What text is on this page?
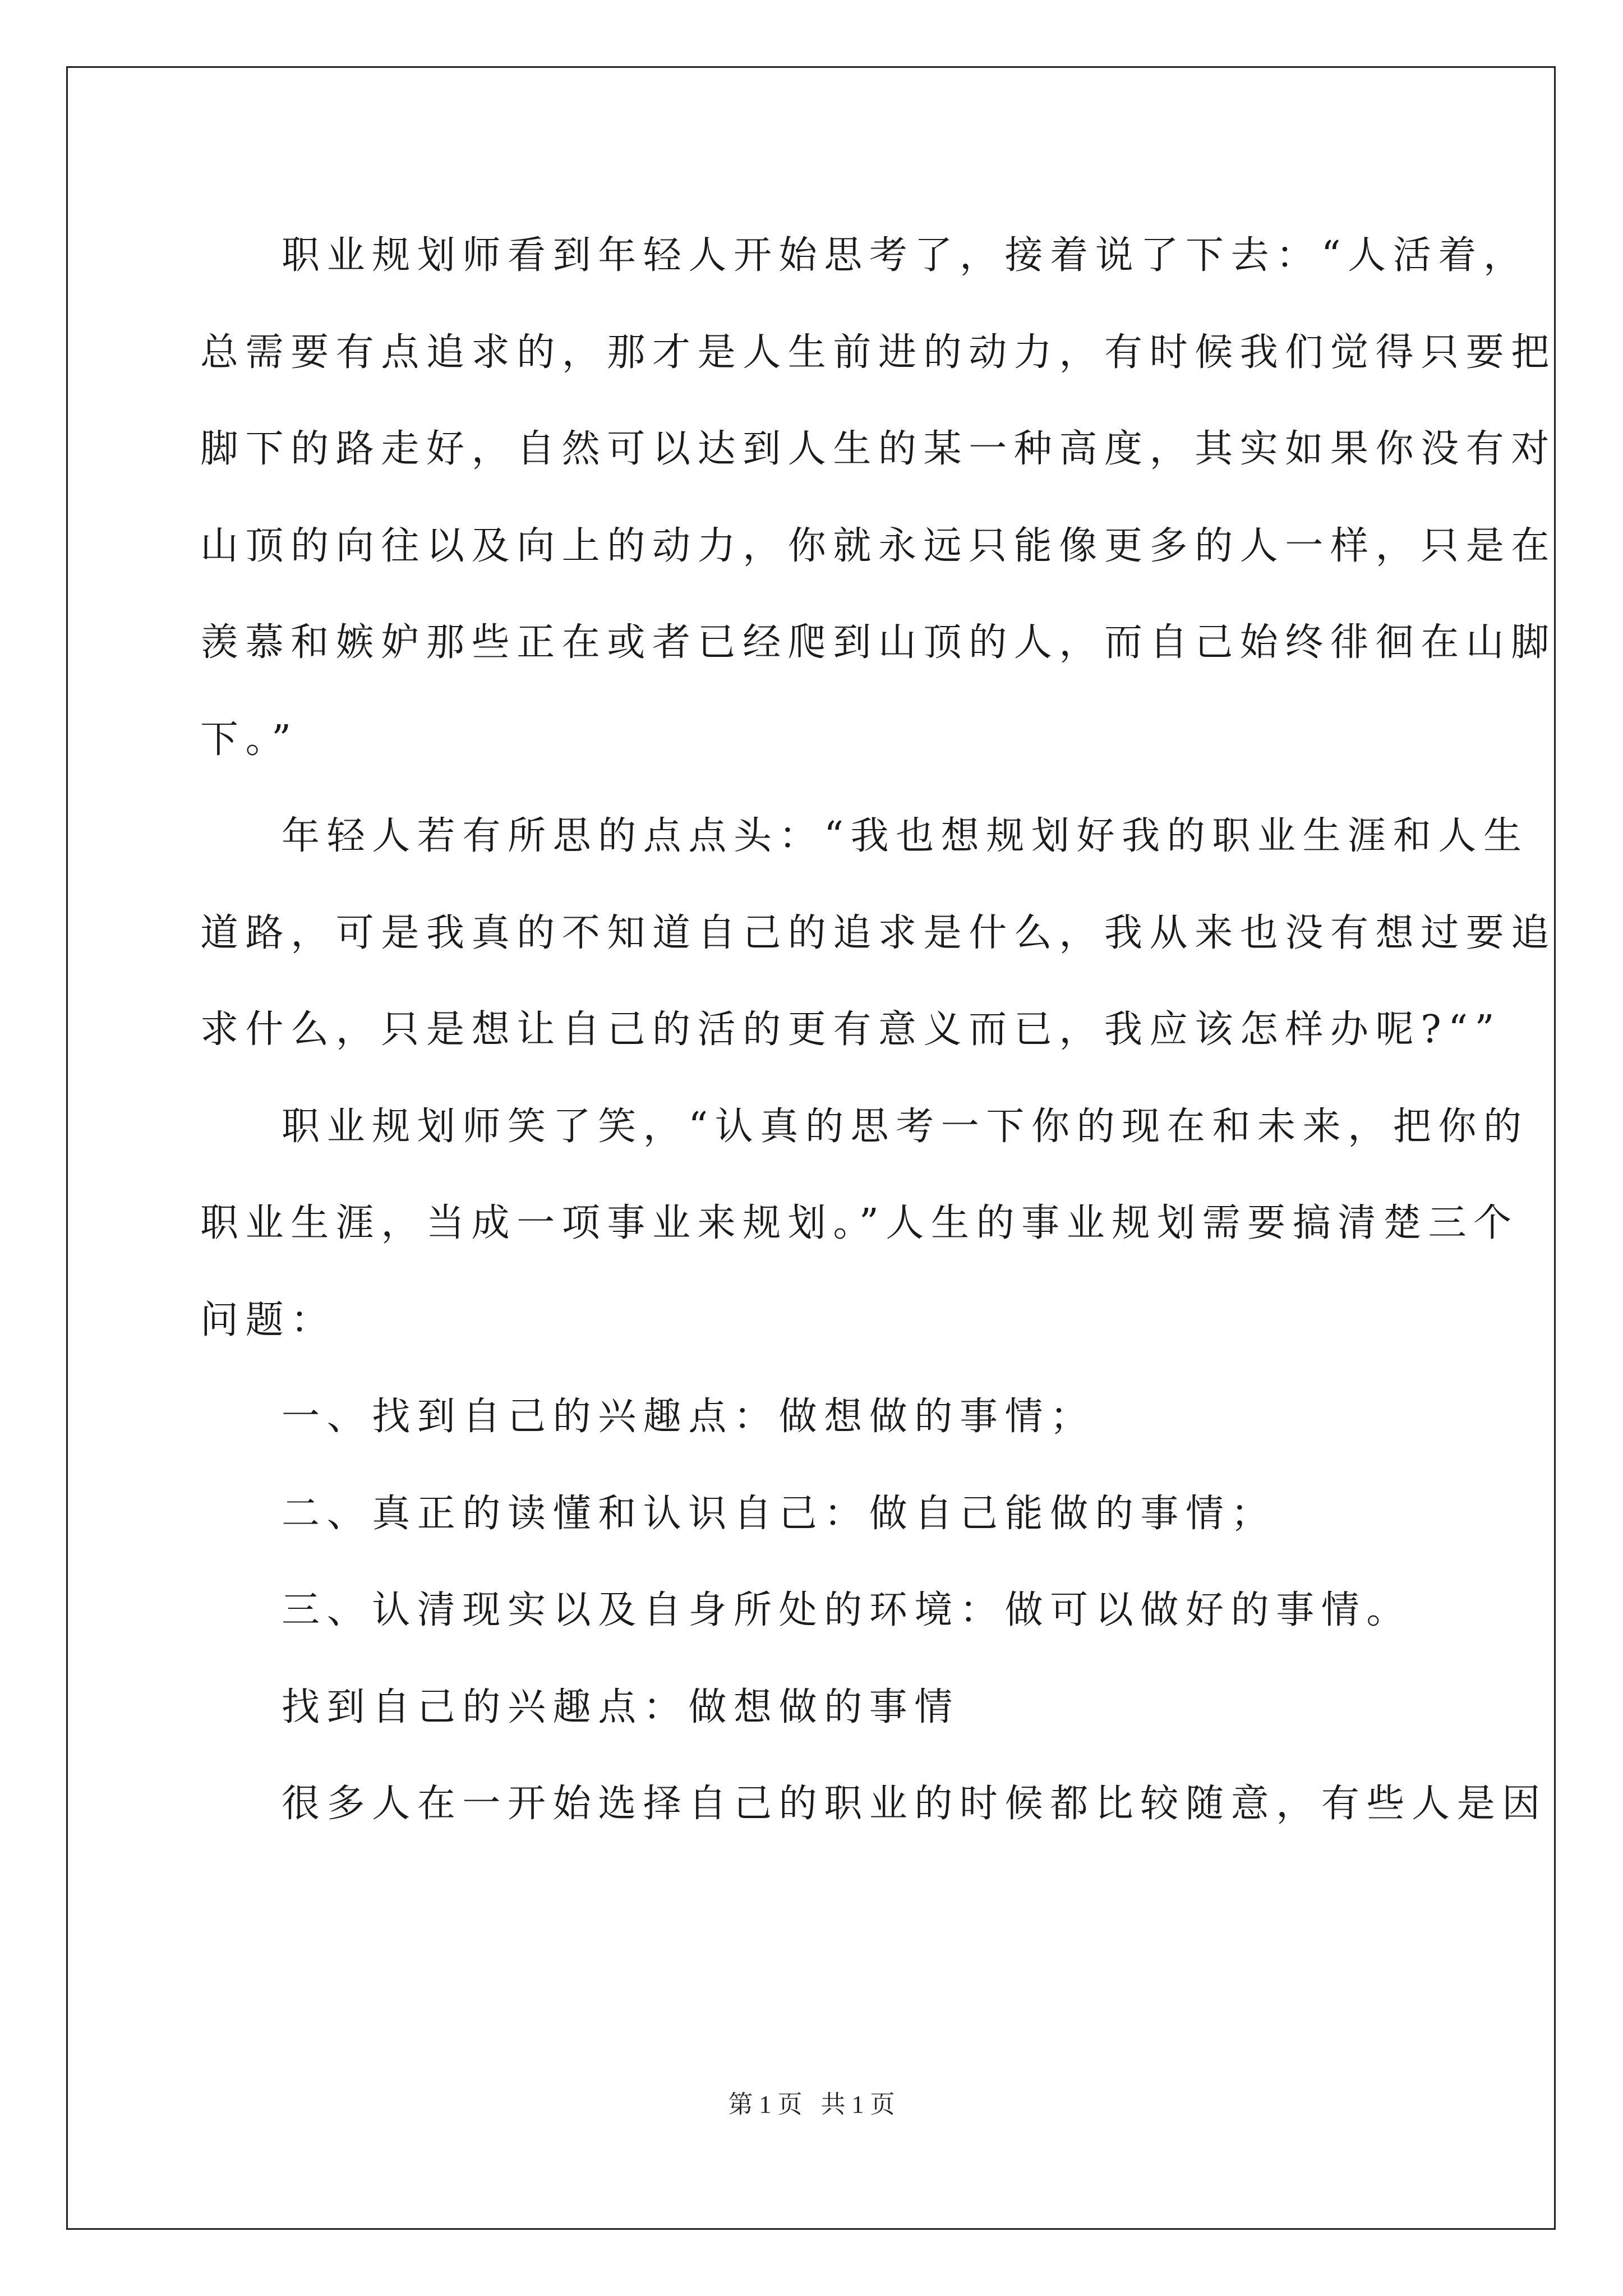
职业规划师看到年轻人开始思考了，接着说了下去：“人活着，
总需要有点追求的，那才是人生前进的动力，有时候我们觉得只要把
脚下的路走好，自然可以达到人生的某一种高度，其实如果你没有对
山顶的向往以及向上的动力，你就永远只能像更多的人一样，只是在
羡慕和嫉妒那些正在或者已经爬到山顶的人，而自己始终徘徊在山脚
下。”
年轻人若有所思的点点头：“我也想规划好我的职业生涯和人生
道路，可是我真的不知道自己的追求是什么，我从来也没有想过要追
求什么，只是想让自己的活的更有意义而已，我应该怎样办呢?“”
职业规划师笑了笑，“认真的思考一下你的现在和未来，把你的
职业生涯，当成一项事业来规划。”人生的事业规划需要搞清楚三个
问题：
一、找到自己的兴趣点：做想做的事情；
二、真正的读懂和认识自己：做自己能做的事情；
三、认清现实以及自身所处的环境：做可以做好的事情。
找到自己的兴趣点：做想做的事情
很多人在一开始选择自己的职业的时候都比较随意，有些人是因
第 1 页   共 1 页
